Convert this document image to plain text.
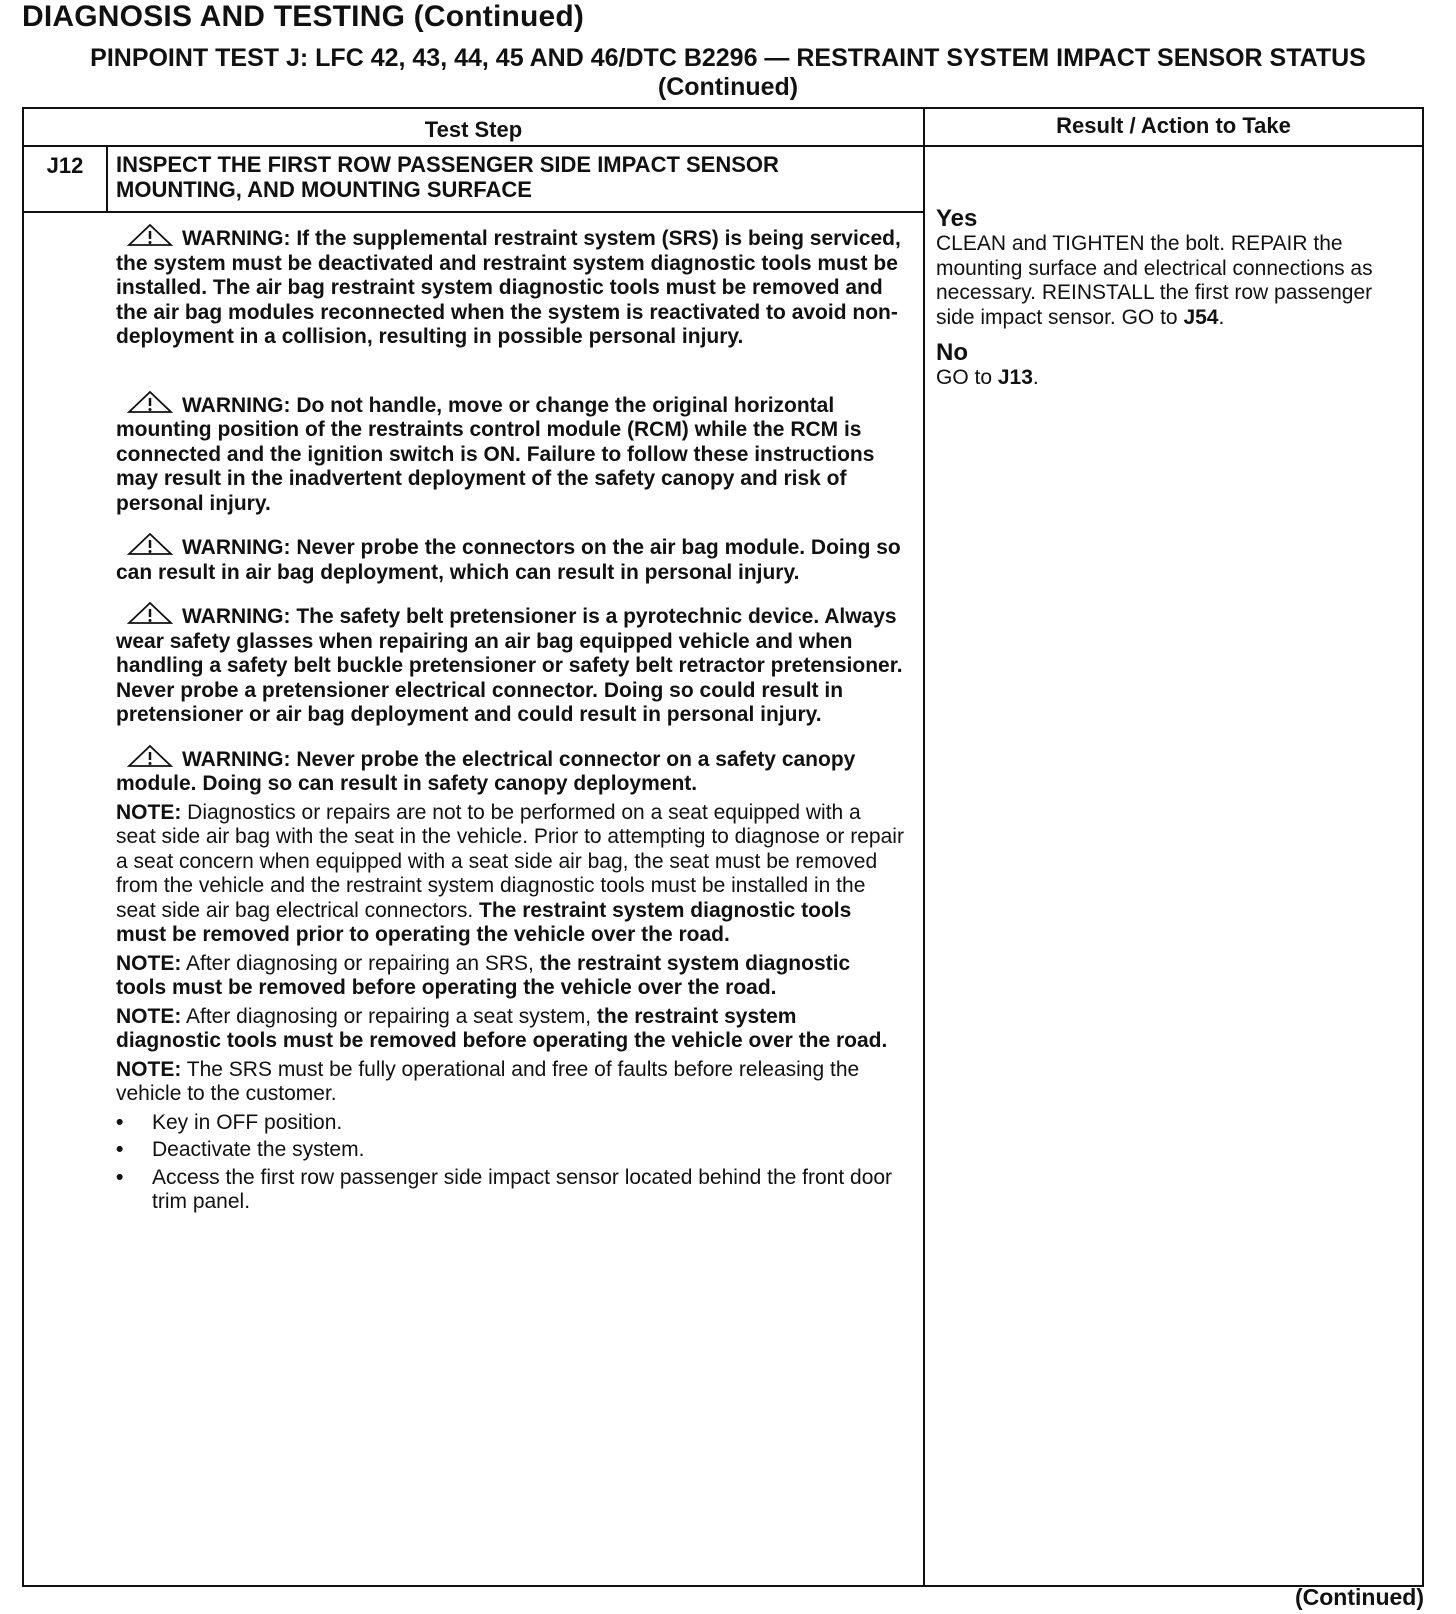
DIAGNOSIS AND TESTING (Continued)
PINPOINT TEST J: LFC 42, 43, 44, 45 AND 46/DTC B2296 — RESTRAINT SYSTEM IMPACT SENSOR STATUS (Continued)
Test Step	Result / Action to Take
J12	INSPECT THE FIRST ROW PASSENGER SIDE IMPACT SENSOR MOUNTING, AND MOUNTING SURFACE
WARNING: If the supplemental restraint system (SRS) is being serviced, the system must be deactivated and restraint system diagnostic tools must be installed. The air bag restraint system diagnostic tools must be removed and the air bag modules reconnected when the system is reactivated to avoid non-deployment in a collision, resulting in possible personal injury.
WARNING: Do not handle, move or change the original horizontal mounting position of the restraints control module (RCM) while the RCM is connected and the ignition switch is ON. Failure to follow these instructions may result in the inadvertent deployment of the safety canopy and risk of personal injury.
WARNING: Never probe the connectors on the air bag module. Doing so can result in air bag deployment, which can result in personal injury.
WARNING: The safety belt pretensioner is a pyrotechnic device. Always wear safety glasses when repairing an air bag equipped vehicle and when handling a safety belt buckle pretensioner or safety belt retractor pretensioner. Never probe a pretensioner electrical connector. Doing so could result in pretensioner or air bag deployment and could result in personal injury.
WARNING: Never probe the electrical connector on a safety canopy module. Doing so can result in safety canopy deployment.
NOTE: Diagnostics or repairs are not to be performed on a seat equipped with a seat side air bag with the seat in the vehicle. Prior to attempting to diagnose or repair a seat concern when equipped with a seat side air bag, the seat must be removed from the vehicle and the restraint system diagnostic tools must be installed in the seat side air bag electrical connectors. The restraint system diagnostic tools must be removed prior to operating the vehicle over the road.
NOTE: After diagnosing or repairing an SRS, the restraint system diagnostic tools must be removed before operating the vehicle over the road.
NOTE: After diagnosing or repairing a seat system, the restraint system diagnostic tools must be removed before operating the vehicle over the road.
NOTE: The SRS must be fully operational and free of faults before releasing the vehicle to the customer.
•	Key in OFF position.
•	Deactivate the system.
•	Access the first row passenger side impact sensor located behind the front door trim panel.
Yes
CLEAN and TIGHTEN the bolt. REPAIR the mounting surface and electrical connections as necessary. REINSTALL the first row passenger side impact sensor. GO to J54.
No
GO to J13.
(Continued)
